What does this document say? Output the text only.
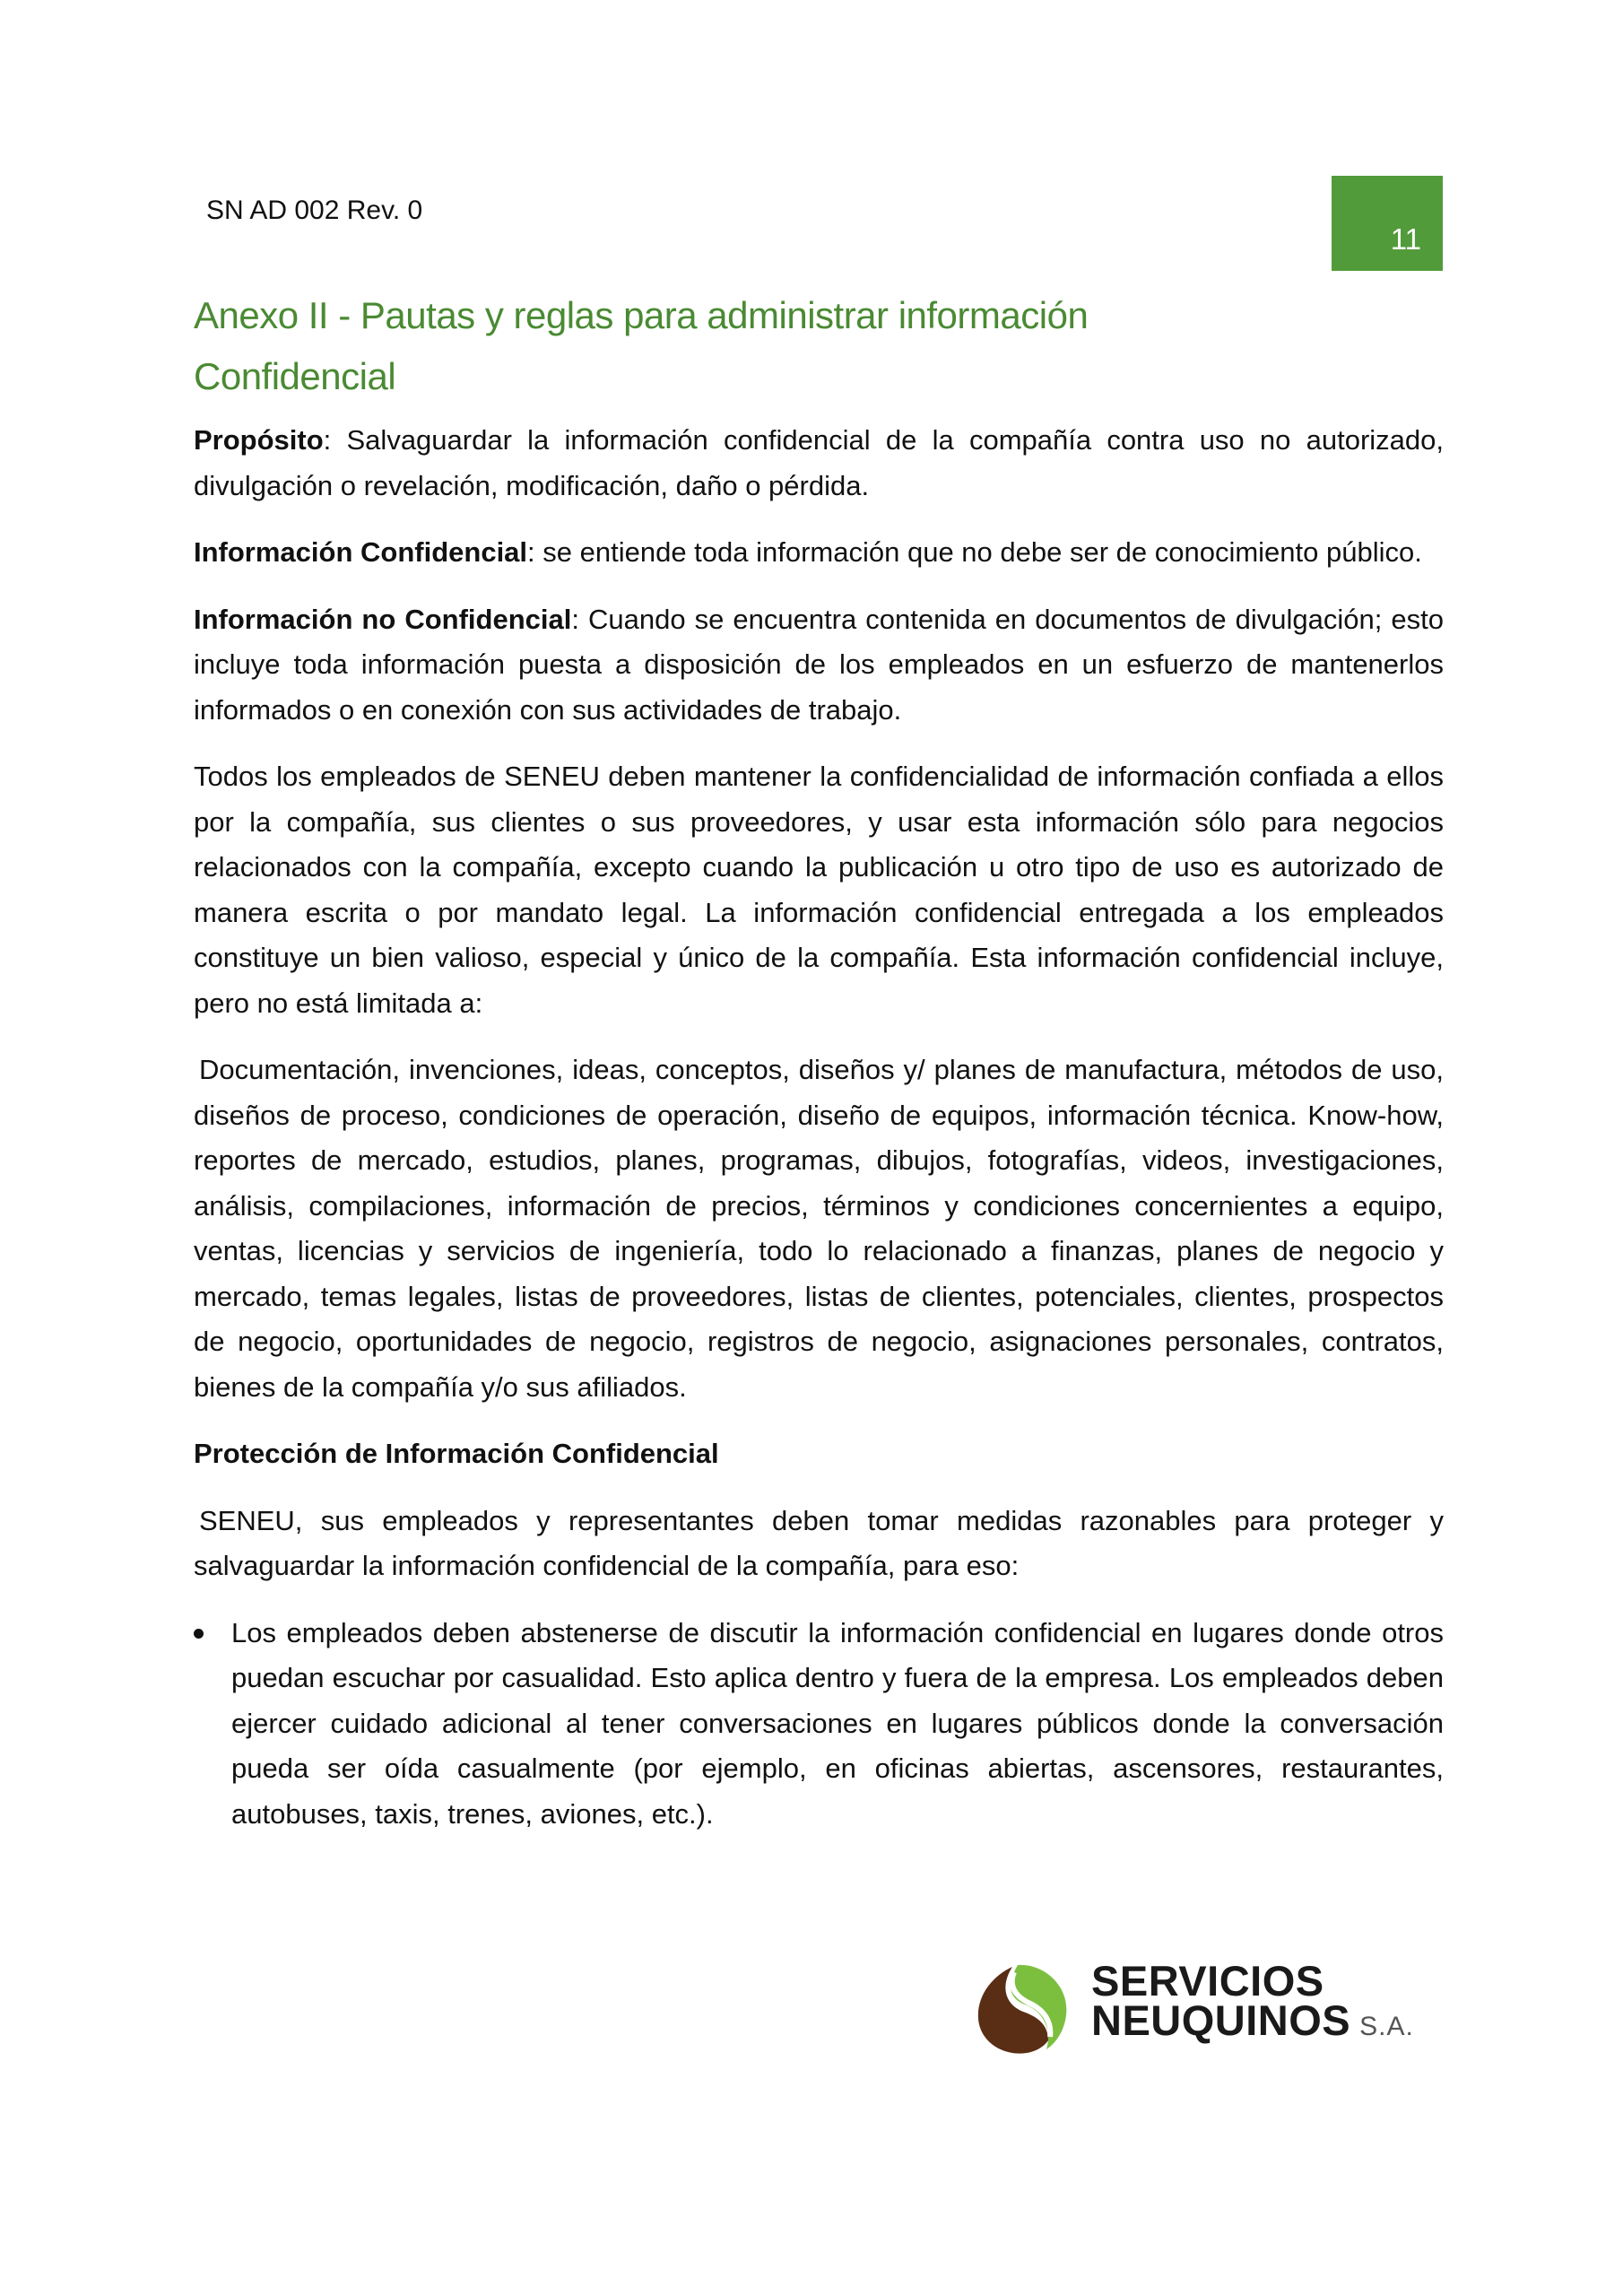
SN AD 002 Rev. 0
11
Anexo II - Pautas y reglas para administrar información
Confidencial

Propósito: Salvaguardar la información confidencial de la compañía contra uso no autorizado, divulgación o revelación, modificación, daño o pérdida.

Información Confidencial: se entiende toda información que no debe ser de conocimiento público.

Información no Confidencial: Cuando se encuentra contenida en documentos de divulgación; esto incluye toda información puesta a disposición de los empleados en un esfuerzo de mantenerlos informados o en conexión con sus actividades de trabajo.

Todos los empleados de SENEU deben mantener la confidencialidad de información confiada a ellos por la compañía, sus clientes o sus proveedores, y usar esta información sólo para negocios relacionados con la compañía, excepto cuando la publicación u otro tipo de uso es autorizado de manera escrita o por mandato legal. La información confidencial entregada a los empleados constituye un bien valioso, especial y único de la compañía. Esta información confidencial incluye, pero no está limitada a:

Documentación, invenciones, ideas, conceptos, diseños y/ planes de manufactura, métodos de uso, diseños de proceso, condiciones de operación, diseño de equipos, información técnica. Know-how, reportes de mercado, estudios, planes, programas, dibujos, fotografías, videos, investigaciones, análisis, compilaciones, información de precios, términos y condiciones concernientes a equipo, ventas, licencias y servicios de ingeniería, todo lo relacionado a finanzas, planes de negocio y mercado, temas legales, listas de proveedores, listas de clientes, potenciales, clientes, prospectos de negocio, oportunidades de negocio, registros de negocio, asignaciones personales, contratos, bienes de la compañía y/o sus afiliados.

Protección de Información Confidencial

SENEU, sus empleados y representantes deben tomar medidas razonables para proteger y salvaguardar la información confidencial de la compañía, para eso:

Los empleados deben abstenerse de discutir la información confidencial en lugares donde otros puedan escuchar por casualidad. Esto aplica dentro y fuera de la empresa. Los empleados deben ejercer cuidado adicional al tener conversaciones en lugares públicos donde la conversación pueda ser oída casualmente (por ejemplo, en oficinas abiertas, ascensores, restaurantes, autobuses, taxis, trenes, aviones, etc.).
SERVICIOS
NEUQUINOS S.A.
